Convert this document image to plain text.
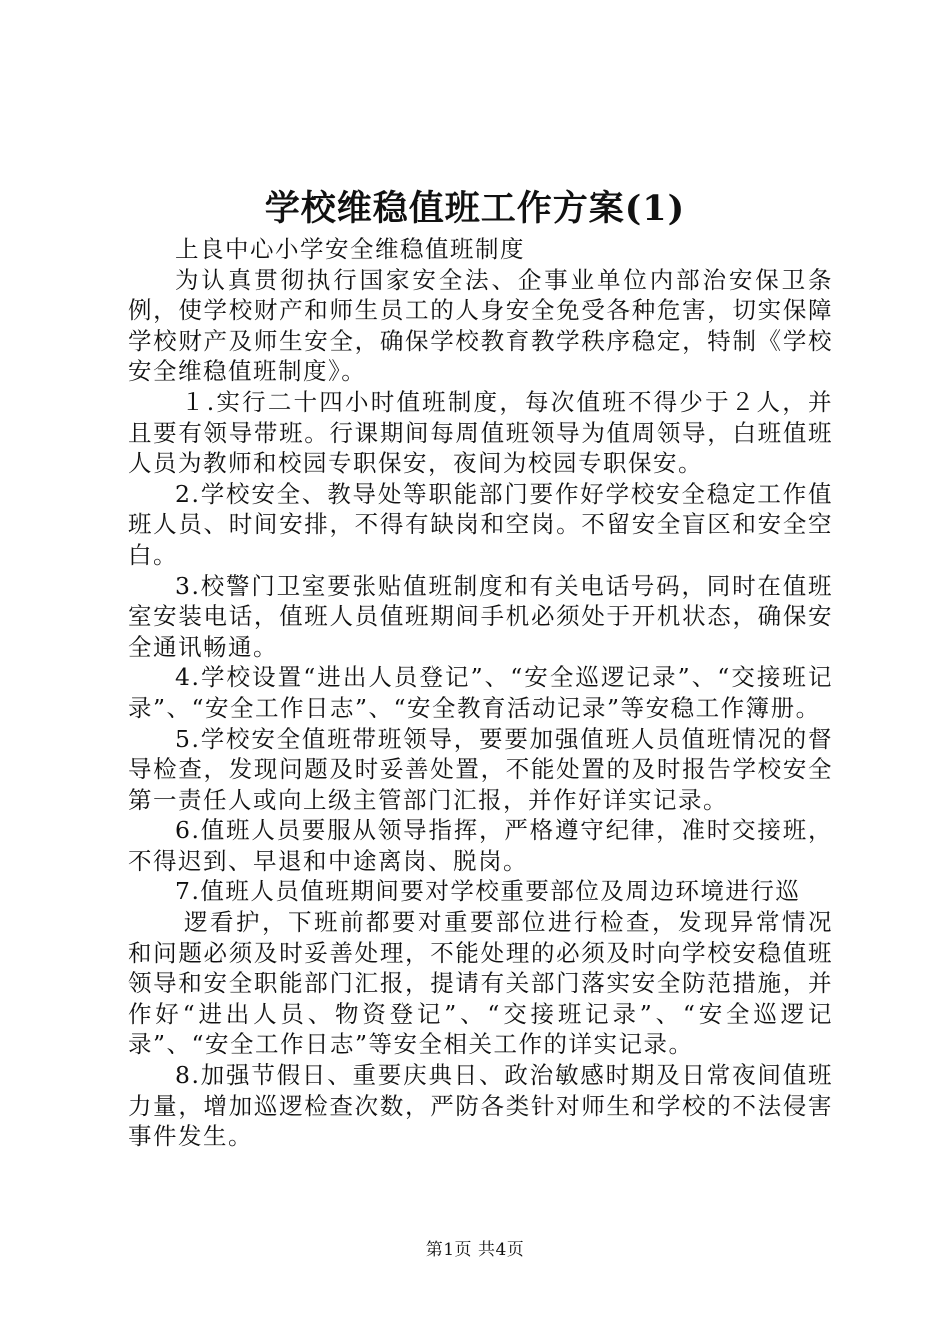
学校维稳值班工作方案(1)

上良中心小学安全维稳值班制度

为认真贯彻执行国家安全法、企事业单位内部治安保卫条例，使学校财产和师生员工的人身安全免受各种危害，切实保障学校财产及师生安全，确保学校教育教学秩序稳定，特制《学校安全维稳值班制度》。

１.实行二十四小时值班制度，每次值班不得少于２人，并且要有领导带班。行课期间每周值班领导为值周领导，白班值班人员为教师和校园专职保安，夜间为校园专职保安。

2.学校安全、教导处等职能部门要作好学校安全稳定工作值班人员、时间安排，不得有缺岗和空岗。不留安全盲区和安全空白。

3.校警门卫室要张贴值班制度和有关电话号码，同时在值班室安装电话，值班人员值班期间手机必须处于开机状态，确保安全通讯畅通。

4.学校设置“进出人员登记”、“安全巡逻记录”、“交接班记录”、“安全工作日志”、“安全教育活动记录”等安稳工作簿册。

5.学校安全值班带班领导，要要加强值班人员值班情况的督导检查，发现问题及时妥善处置，不能处置的及时报告学校安全第一责任人或向上级主管部门汇报，并作好详实记录。

6.值班人员要服从领导指挥，严格遵守纪律，准时交接班，不得迟到、早退和中途离岗、脱岗。

7.值班人员值班期间要对学校重要部位及周边环境进行巡

逻看护，下班前都要对重要部位进行检查，发现异常情况和问题必须及时妥善处理，不能处理的必须及时向学校安稳值班领导和安全职能部门汇报，提请有关部门落实安全防范措施，并作好“进出人员、物资登记”、“交接班记录”、“安全巡逻记录”、“安全工作日志”等安全相关工作的详实记录。

8.加强节假日、重要庆典日、政治敏感时期及日常夜间值班力量，增加巡逻检查次数，严防各类针对师生和学校的不法侵害事件发生。

第1页 共4页
